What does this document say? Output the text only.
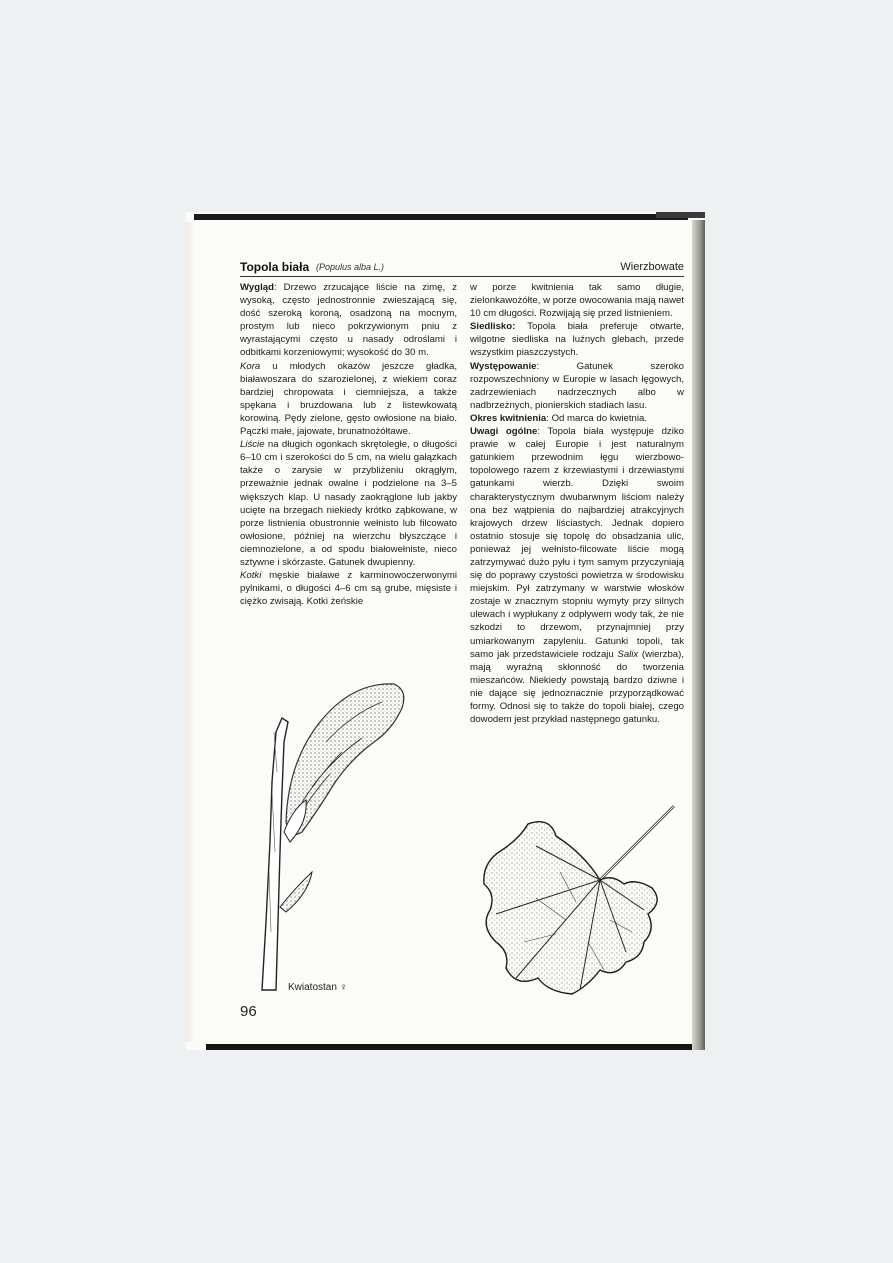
Topola biała (Populus alba L.)	Wierzbowate

Wygląd: Drzewo zrzucające liście na zimę, z wysoką, często jednostronnie zwieszającą się, dość szeroką koroną, osadzoną na mocnym, prostym lub nieco pokrzywionym pniu z wyrastającymi często u nasady odroślami i odbitkami korzeniowymi; wysokość do 30 m.

Kora u młodych okazów jeszcze gładka, białawoszara do szarozielonej, z wiekiem coraz bardziej chropowata i ciemniejsza, a także spękana i bruzdowana lub z listewkowatą korowiną. Pędy zielone, gęsto owłosione na biało. Pączki małe, jajowate, brunatnożółtawe.

Liście na długich ogonkach skrętoległe, o długości 6–10 cm i szerokości do 5 cm, na wielu gałązkach także o zarysie w przybliżeniu okrągłym, przeważnie jednak owalne i podzielone na 3–5 większych klap. U nasady zaokrąglone lub jakby ucięte na brzegach niekiedy krótko ząbkowane, w porze listnienia obustronnie wełnisto lub filcowato owłosione, później na wierzchu błyszczące i ciemnozielone, a od spodu białowełniste, nieco sztywne i skórzaste. Gatunek dwupienny.

Kotki męskie białawe z karminowoczerwonymi pylnikami, o długości 4–6 cm są grube, mięsiste i ciężko zwisają. Kotki żeńskie

w porze kwitnienia tak samo długie, zielonkawożółte, w porze owocowania mają nawet 10 cm długości. Rozwijają się przed listnieniem.

Siedlisko: Topola biała preferuje otwarte, wilgotne siedliska na luźnych glebach, przede wszystkim piaszczystych.

Występowanie: Gatunek szeroko rozpowszechniony w Europie w lasach łęgowych, zadrzewieniach nadrzecznych albo w nadbrzeżnych, pionierskich stadiach lasu.

Okres kwitnienia: Od marca do kwietnia.

Uwagi ogólne: Topola biała występuje dziko prawie w całej Europie i jest naturalnym gatunkiem przewodnim łęgu wierzbowo-topolowego razem z krzewiastymi i drzewiastymi gatunkami wierzb. Dzięki swoim charakterystycznym dwubarwnym liściom należy ona bez wątpienia do najbardziej atrakcyjnych krajowych drzew liściastych. Jednak dopiero ostatnio stosuje się topolę do obsadzania ulic, ponieważ jej wełnisto-filcowate liście mogą zatrzymywać dużo pyłu i tym samym przyczyniają się do poprawy czystości powietrza w środowisku miejskim. Pył zatrzymany w warstwie włosków zostaje w znacznym stopniu wymyty przy silnych ulewach i wypłukany z odpływem wody tak, że nie szkodzi to drzewom, przynajmniej przy umiarkowanym zapyleniu. Gatunki topoli, tak samo jak przedstawiciele rodzaju Salix (wierzba), mają wyraźną skłonność do tworzenia mieszańców. Niekiedy powstają bardzo dziwne i nie dające się jednoznacznie przyporządkować formy. Odnosi się to także do topoli białej, czego dowodem jest przykład następnego gatunku.

Kwiatostan ♀
96
